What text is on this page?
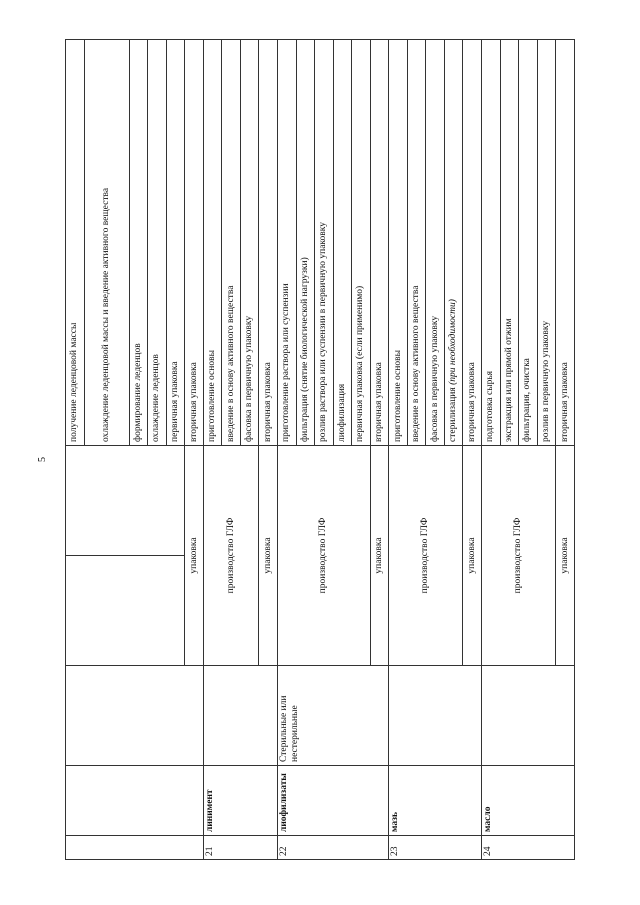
5
					получение леденцовой массы
					охлаждение леденцовой массы и введение активного вещества
					формирование леденцов
					охлаждение леденцов
					первичная упаковка
			упаковка		вторичная упаковка
21	линимент		производство ГЛФ		приготовление основы
					введение в основу активного вещества
					фасовка в первичную упаковку
			упаковка		вторичная упаковка
22	лиофилизаты	Стерильные или нестерильные	производство ГЛФ		приготовление раствора или суспензии
					фильтрация (снятие биологической нагрузки)
					розлив раствора или суспензии в первичную упаковку
					лиофилизация
					первичная упаковка (если применимо)
			упаковка		вторичная упаковка
23	мазь		производство ГЛФ		приготовление основы
					введение в основу активного вещества
					фасовка в первичную упаковку
					стерилизация (при необходимости)
			упаковка		вторичная упаковка
24	масло		производство ГЛФ		подготовка сырья
					экстракция или прямой отжим
					фильтрация, очистка
					розлив в первичную упаковку
			упаковка		вторичная упаковка
